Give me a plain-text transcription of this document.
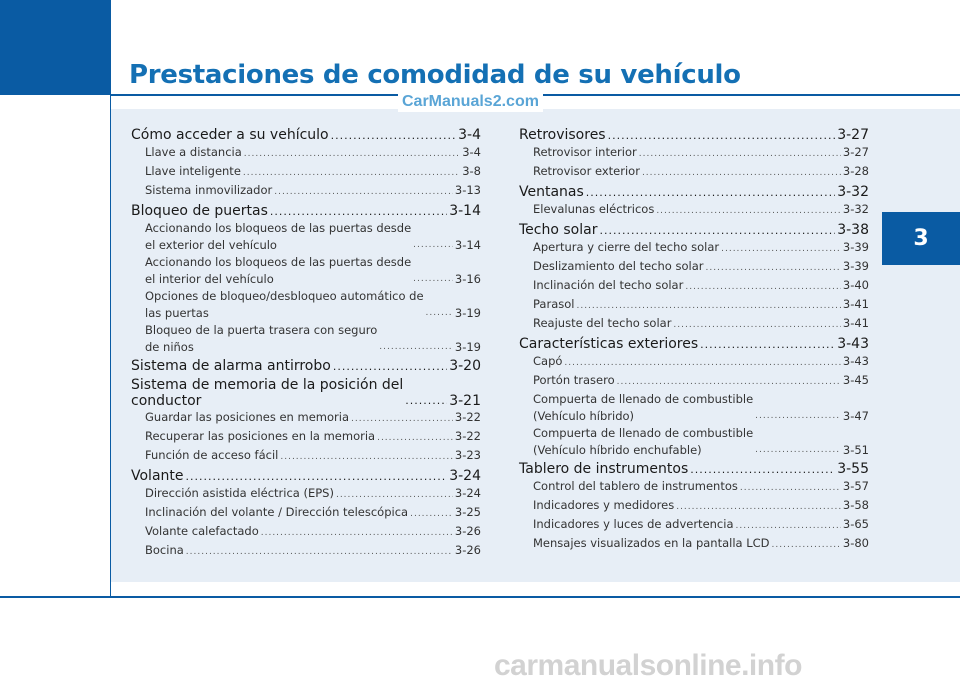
Prestaciones de comodidad de su vehículo
CarManuals2.com
Cómo acceder a su vehículo .....	3-4
Llave a distancia .....	3-4
Llave inteligente .....	3-8
Sistema inmovilizador .....	3-13
Bloqueo de puertas .....	3-14
Accionando los bloqueos de las puertas desde
el exterior del vehículo .....	3-14
Accionando los bloqueos de las puertas desde
el interior del vehículo .....	3-16
Opciones de bloqueo/desbloqueo automático de
las puertas .....	3-19
Bloqueo de la puerta trasera con seguro
de niños .....	3-19
Sistema de alarma antirrobo .....	3-20
Sistema de memoria de la posición del
conductor .....	3-21
Guardar las posiciones en memoria .....	3-22
Recuperar las posiciones en la memoria .....	3-22
Función de acceso fácil .....	3-23
Volante .....	3-24
Dirección asistida eléctrica (EPS) .....	3-24
Inclinación del volante / Dirección telescópica .....	3-25
Volante calefactado .....	3-26
Bocina .....	3-26
Retrovisores .....	3-27
Retrovisor interior .....	3-27
Retrovisor exterior .....	3-28
Ventanas .....	3-32
Elevalunas eléctricos .....	3-32
Techo solar .....	3-38
Apertura y cierre del techo solar .....	3-39
Deslizamiento del techo solar .....	3-39
Inclinación del techo solar .....	3-40
Parasol .....	3-41
Reajuste del techo solar .....	3-41
Características exteriores .....	3-43
Capó .....	3-43
Portón trasero .....	3-45
Compuerta de llenado de combustible
(Vehículo híbrido) .....	3-47
Compuerta de llenado de combustible
(Vehículo híbrido enchufable) .....	3-51
Tablero de instrumentos .....	3-55
Control del tablero de instrumentos .....	3-57
Indicadores y medidores .....	3-58
Indicadores y luces de advertencia .....	3-65
Mensajes visualizados en la pantalla LCD .....	3-80
3
carmanualsonline.info
